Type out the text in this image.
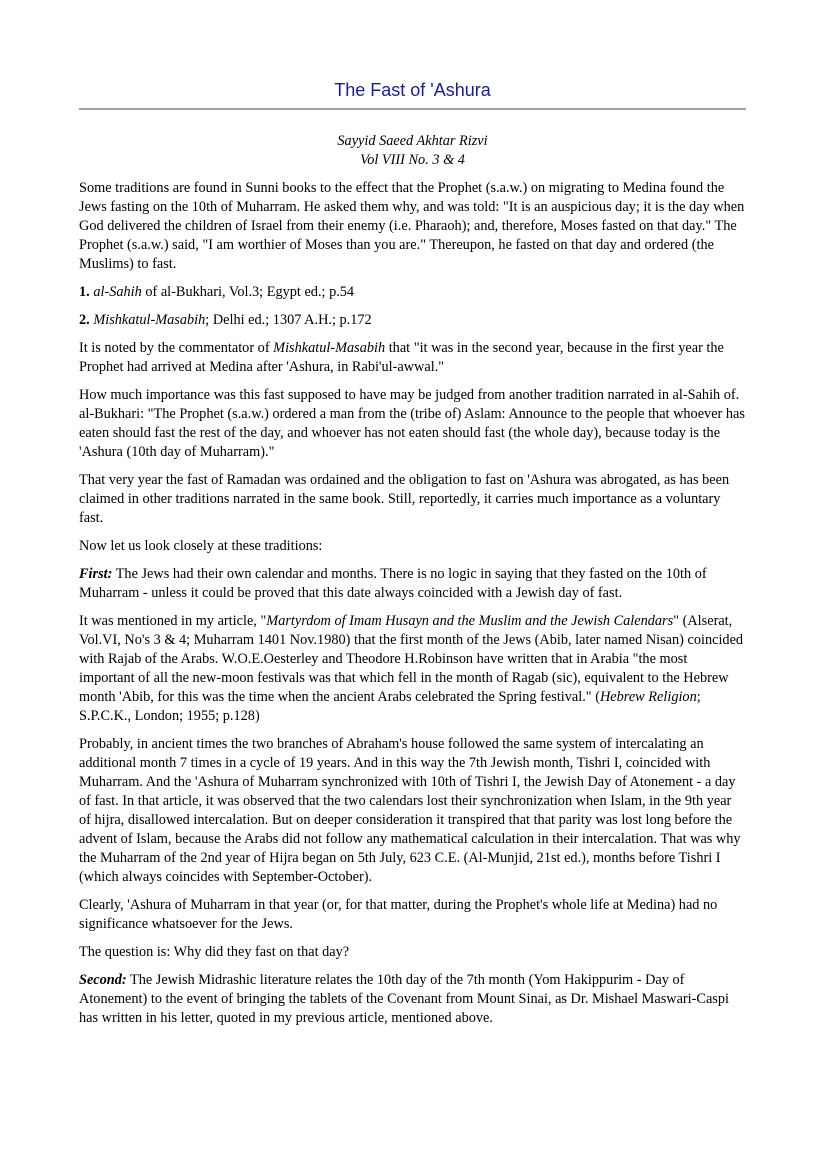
The Fast of 'Ashura
Sayyid Saeed Akhtar Rizvi
Vol VIII No. 3 & 4

Some traditions are found in Sunni books to the effect that the Prophet (s.a.w.) on migrating to Medina found the Jews fasting on the 10th of Muharram. He asked them why, and was told: "It is an auspicious day; it is the day when God delivered the children of Israel from their enemy (i.e. Pharaoh); and, therefore, Moses fasted on that day." The Prophet (s.a.w.) said, "I am worthier of Moses than you are." Thereupon, he fasted on that day and ordered (the Muslims) to fast.

1. al-Sahih of al-Bukhari, Vol.3; Egypt ed.; p.54

2. Mishkatul-Masabih; Delhi ed.; 1307 A.H.; p.172

It is noted by the commentator of Mishkatul-Masabih that "it was in the second year, because in the first year the Prophet had arrived at Medina after 'Ashura, in Rabi'ul-awwal."

How much importance was this fast supposed to have may be judged from another tradition narrated in al-Sahih of. al-Bukhari: "The Prophet (s.a.w.) ordered a man from the (tribe of) Aslam: Announce to the people that whoever has eaten should fast the rest of the day, and whoever has not eaten should fast (the whole day), because today is the 'Ashura (10th day of Muharram)."

That very year the fast of Ramadan was ordained and the obligation to fast on 'Ashura was abrogated, as has been claimed in other traditions narrated in the same book. Still, reportedly, it carries much importance as a voluntary fast.

Now let us look closely at these traditions:

First: The Jews had their own calendar and months. There is no logic in saying that they fasted on the 10th of Muharram - unless it could be proved that this date always coincided with a Jewish day of fast.

It was mentioned in my article, "Martyrdom of Imam Husayn and the Muslim and the Jewish Calendars" (Alserat, Vol.VI, No's 3 & 4; Muharram 1401 Nov.1980) that the first month of the Jews (Abib, later named Nisan) coincided with Rajab of the Arabs. W.O.E.Oesterley and Theodore H.Robinson have written that in Arabia "the most important of all the new-moon festivals was that which fell in the month of Ragab (sic), equivalent to the Hebrew month 'Abib, for this was the time when the ancient Arabs celebrated the Spring festival." (Hebrew Religion; S.P.C.K., London; 1955; p.128)

Probably, in ancient times the two branches of Abraham's house followed the same system of intercalating an additional month 7 times in a cycle of 19 years. And in this way the 7th Jewish month, Tishri I, coincided with Muharram. And the 'Ashura of Muharram synchronized with 10th of Tishri I, the Jewish Day of Atonement - a day of fast. In that article, it was observed that the two calendars lost their synchronization when Islam, in the 9th year of hijra, disallowed intercalation. But on deeper consideration it transpired that that parity was lost long before the advent of Islam, because the Arabs did not follow any mathematical calculation in their intercalation. That was why the Muharram of the 2nd year of Hijra began on 5th July, 623 C.E. (Al-Munjid, 21st ed.), months before Tishri I (which always coincides with September-October).

Clearly, 'Ashura of Muharram in that year (or, for that matter, during the Prophet's whole life at Medina) had no significance whatsoever for the Jews.

The question is: Why did they fast on that day?

Second: The Jewish Midrashic literature relates the 10th day of the 7th month (Yom Hakippurim - Day of Atonement) to the event of bringing the tablets of the Covenant from Mount Sinai, as Dr. Mishael Maswari-Caspi has written in his letter, quoted in my previous article, mentioned above.
